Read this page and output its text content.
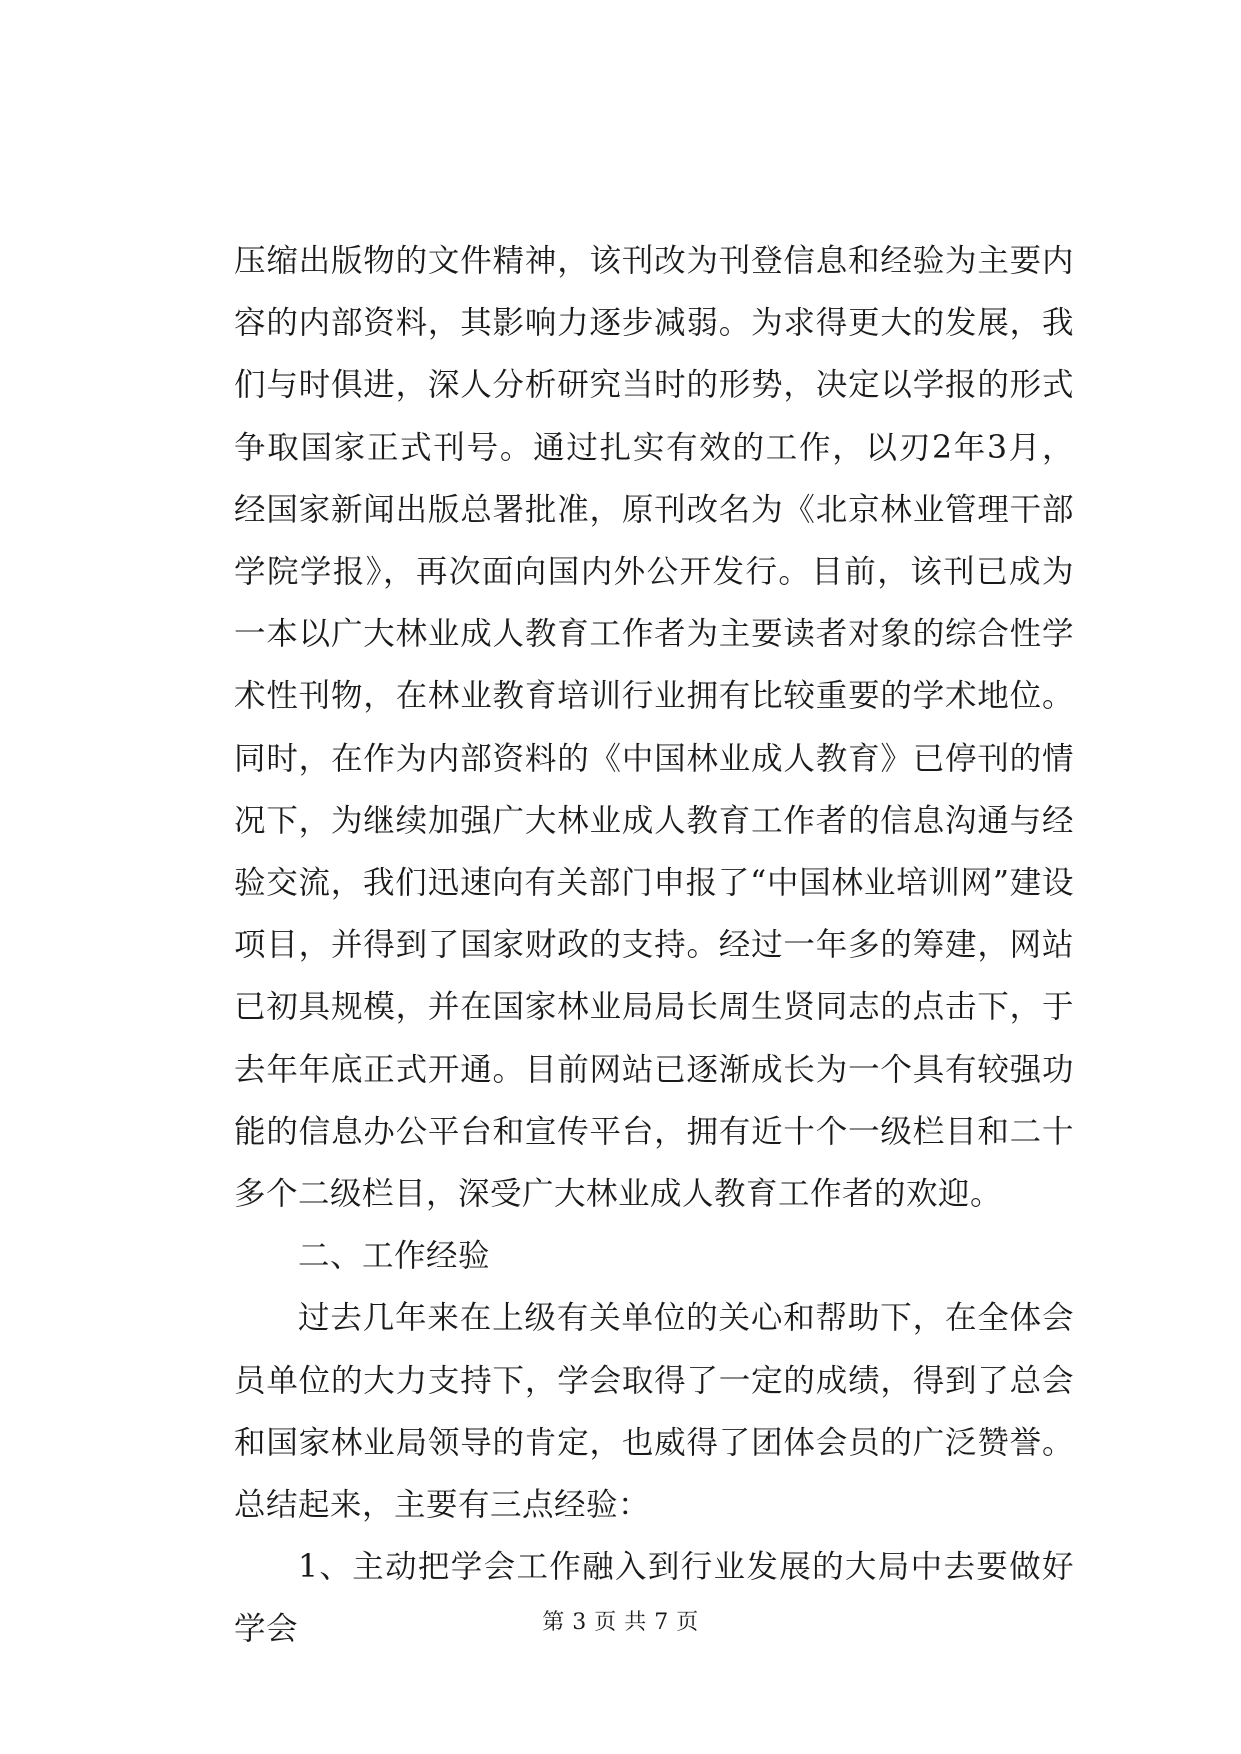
压缩出版物的文件精神，该刊改为刊登信息和经验为主要内容的内部资料，其影响力逐步减弱。为求得更大的发展，我们与时俱进，深人分析研究当时的形势，决定以学报的形式争取国家正式刊号。通过扎实有效的工作，以刃2年3月，经国家新闻出版总署批准，原刊改名为《北京林业管理干部学院学报》，再次面向国内外公开发行。目前，该刊已成为一本以广大林业成人教育工作者为主要读者对象的综合性学术性刊物，在林业教育培训行业拥有比较重要的学术地位。同时，在作为内部资料的《中国林业成人教育》已停刊的情况下，为继续加强广大林业成人教育工作者的信息沟通与经验交流，我们迅速向有关部门申报了“中国林业培训网”建设项目，并得到了国家财政的支持。经过一年多的筹建，网站已初具规模，并在国家林业局局长周生贤同志的点击下，于去年年底正式开通。目前网站已逐渐成长为一个具有较强功能的信息办公平台和宣传平台，拥有近十个一级栏目和二十多个二级栏目，深受广大林业成人教育工作者的欢迎。

二、工作经验

过去几年来在上级有关单位的关心和帮助下，在全体会员单位的大力支持下，学会取得了一定的成绩，得到了总会和国家林业局领导的肯定，也威得了团体会员的广泛赞誉。总结起来，主要有三点经验：

1、主动把学会工作融入到行业发展的大局中去要做好学会	第 3 页 共 7 页
